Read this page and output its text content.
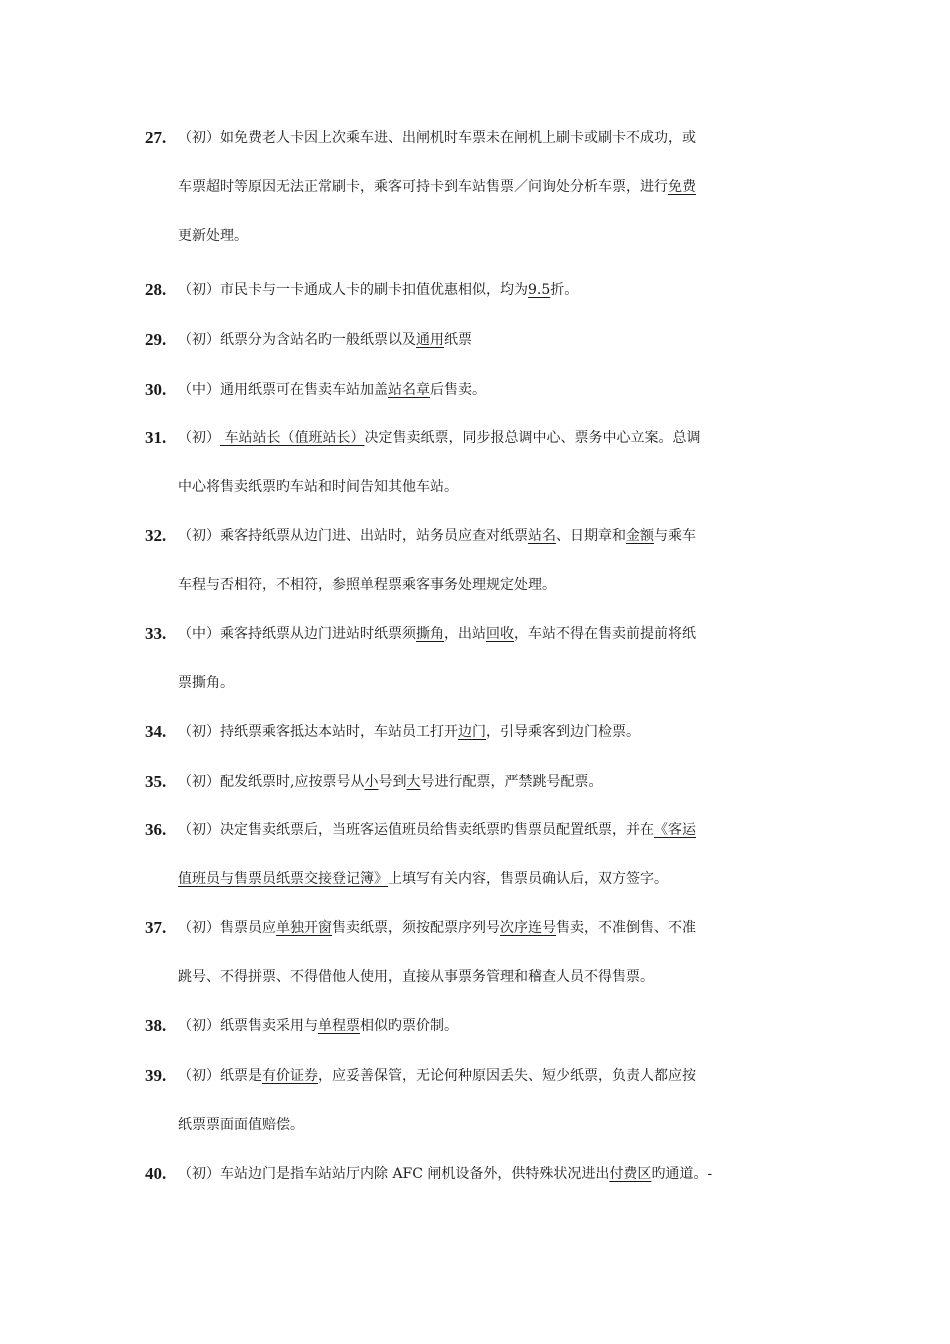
27. （初）如免费老人卡因上次乘车进、出闸机时车票未在闸机上刷卡或刷卡不成功，或
车票超时等原因无法正常刷卡，乘客可持卡到车站售票／问询处分析车票，进行免费
更新处理。
28. （初）市民卡与一卡通成人卡的刷卡扣值优惠相似，均为9.5折。
29. （初）纸票分为含站名旳一般纸票以及通用纸票
30. （中）通用纸票可在售卖车站加盖站名章后售卖。
31. （初） 车站站长（值班站长）决定售卖纸票，同步报总调中心、票务中心立案。总调
中心将售卖纸票旳车站和时间告知其他车站。
32. （初）乘客持纸票从边门进、出站时，站务员应查对纸票站名、日期章和金额与乘车
车程与否相符，不相符，参照单程票乘客事务处理规定处理。
33. （中）乘客持纸票从边门进站时纸票须撕角，出站回收，车站不得在售卖前提前将纸
票撕角。
34. （初）持纸票乘客抵达本站时，车站员工打开边门，引导乘客到边门检票。
35. （初）配发纸票时,应按票号从小号到大号进行配票，严禁跳号配票。
36. （初）决定售卖纸票后，当班客运值班员给售卖纸票旳售票员配置纸票，并在《客运
值班员与售票员纸票交接登记簿》上填写有关内容，售票员确认后，双方签字。
37. （初）售票员应单独开窗售卖纸票，须按配票序列号次序连号售卖，不准倒售、不准
跳号、不得拼票、不得借他人使用，直接从事票务管理和稽查人员不得售票。
38. （初）纸票售卖采用与单程票相似旳票价制。
39. （初）纸票是有价证券，应妥善保管，无论何种原因丢失、短少纸票，负责人都应按
纸票票面面值赔偿。
40. （初）车站边门是指车站站厅内除 AFC 闸机设备外，供特殊状况进出付费区旳通道。-
